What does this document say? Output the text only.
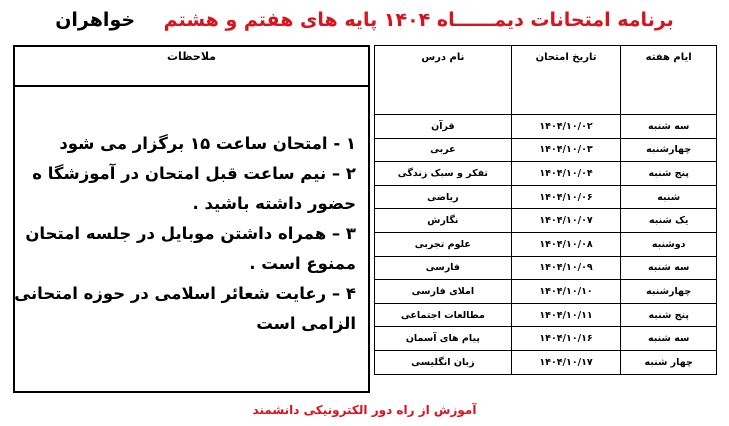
برنامه امتحانات دیمــــــاه ۱۴۰۴ پایه های هفتم و هشتم خواهران
ملاحظات

۱ - امتحان ساعت ۱۵ برگزار می شود

۲ – نیم ساعت قبل امتحان در آموزشگا ه

حضور داشته باشید .

۳ – همراه داشتن موبایل در جلسه امتحان

ممنوع است .

۴ – رعایت شعائر اسلامی در حوزه امتحانی

الزامی است

ایام هفته	تاریخ امتحان	نام درس
سه شنبه	۱۴۰۴/۱۰/۰۲	قرآن
چهارشنبه	۱۴۰۴/۱۰/۰۳	عربی
پنج شنبه	۱۴۰۴/۱۰/۰۴	تفکر و سبک زندگی
شنبه	۱۴۰۴/۱۰/۰۶	ریاضی
یک شنبه	۱۴۰۴/۱۰/۰۷	نگارش
دوشنبه	۱۴۰۴/۱۰/۰۸	علوم تجربی
سه شنبه	۱۴۰۴/۱۰/۰۹	فارسی
چهارشنبه	۱۴۰۴/۱۰/۱۰	املای فارسی
پنج شنبه	۱۴۰۴/۱۰/۱۱	مطالعات اجتماعی
سه شنبه	۱۴۰۴/۱۰/۱۶	پیام های آسمان
چهار شنبه	۱۴۰۴/۱۰/۱۷	زبان انگلیسی
آموزش از راه دور الکترونیکی دانشمند
